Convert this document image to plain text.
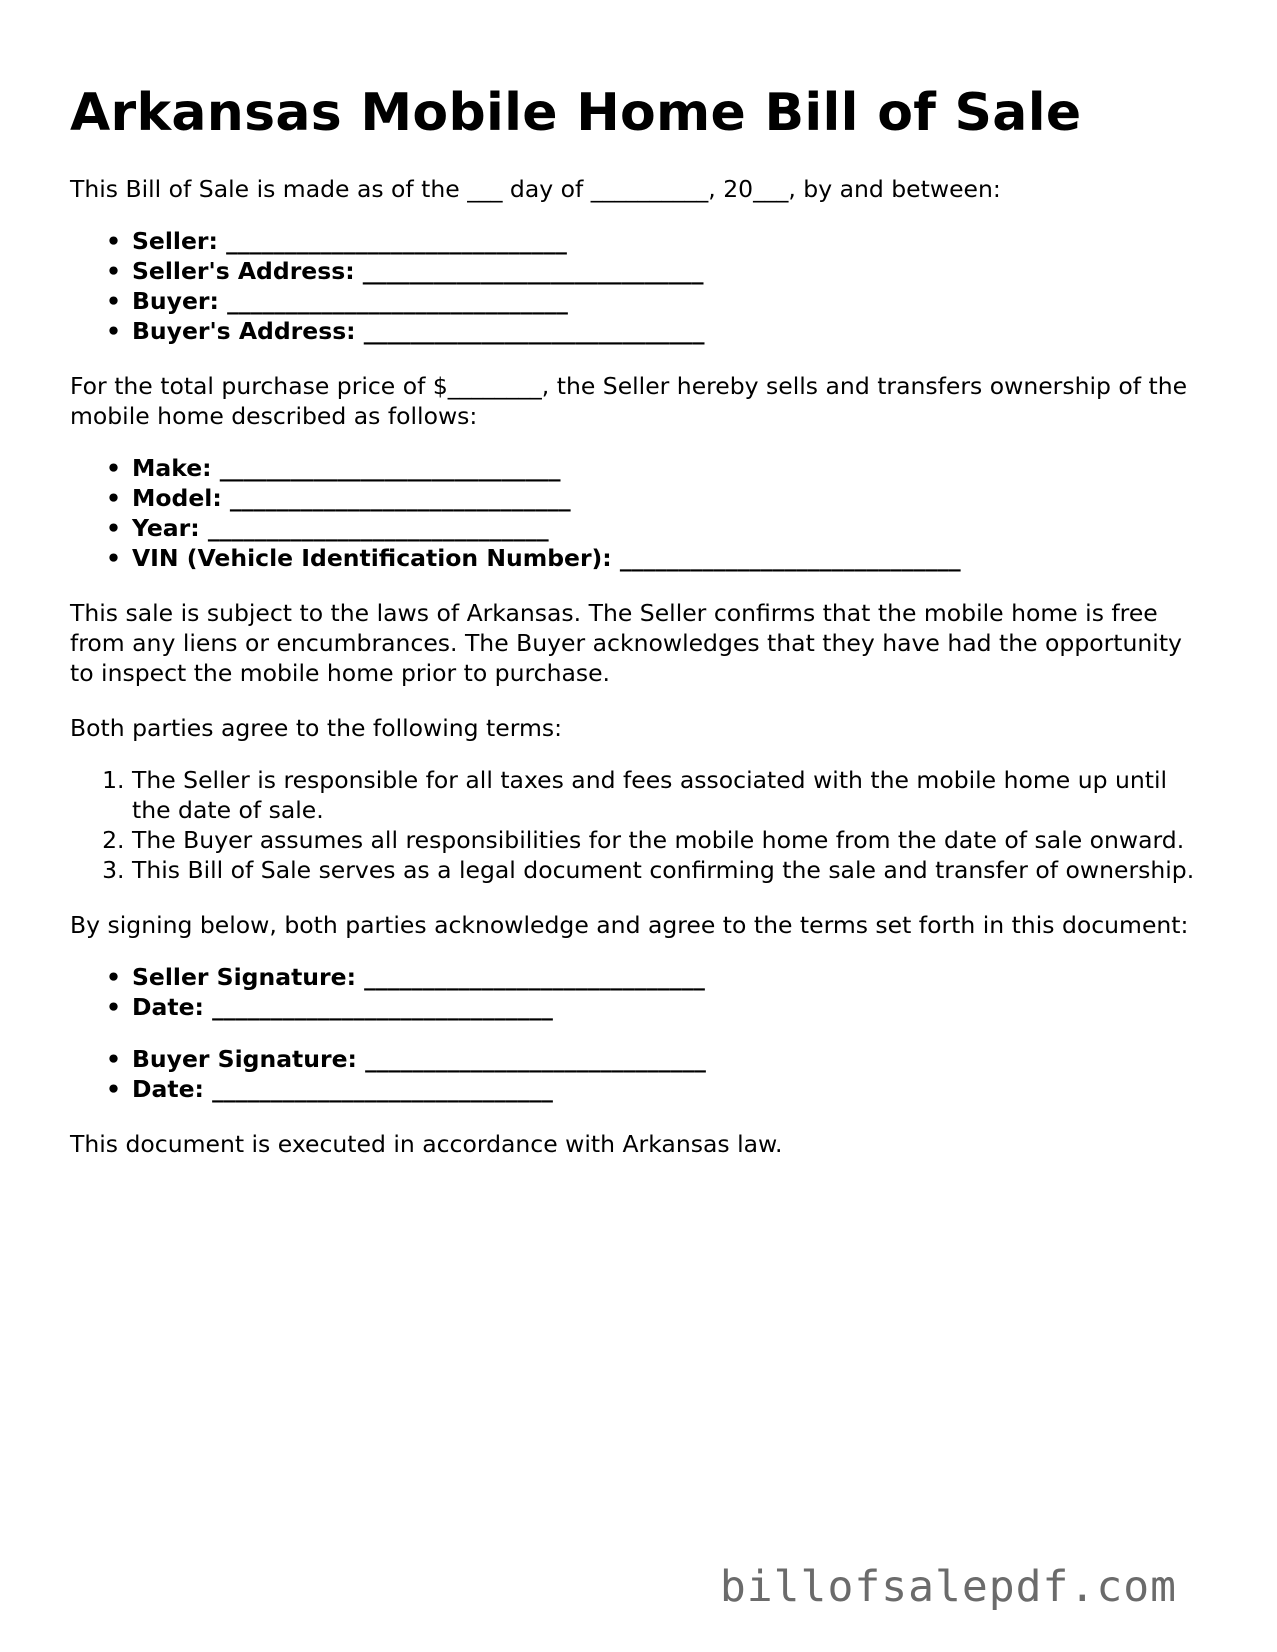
Arkansas Mobile Home Bill of Sale

This Bill of Sale is made as of the ___ day of __________, 20___, by and between:

• Seller: _____________________________
• Seller's Address: _____________________________
• Buyer: _____________________________
• Buyer's Address: _____________________________

For the total purchase price of $________, the Seller hereby sells and transfers ownership of the mobile home described as follows:

• Make: _____________________________
• Model: _____________________________
• Year: _____________________________
• VIN (Vehicle Identification Number): _____________________________

This sale is subject to the laws of Arkansas. The Seller confirms that the mobile home is free from any liens or encumbrances. The Buyer acknowledges that they have had the opportunity to inspect the mobile home prior to purchase.

Both parties agree to the following terms:

1. The Seller is responsible for all taxes and fees associated with the mobile home up until the date of sale.
2. The Buyer assumes all responsibilities for the mobile home from the date of sale onward.
3. This Bill of Sale serves as a legal document confirming the sale and transfer of ownership.

By signing below, both parties acknowledge and agree to the terms set forth in this document:

• Seller Signature: _____________________________
• Date: _____________________________
• Buyer Signature: _____________________________
• Date: _____________________________

This document is executed in accordance with Arkansas law.

billofsalepdf.com
